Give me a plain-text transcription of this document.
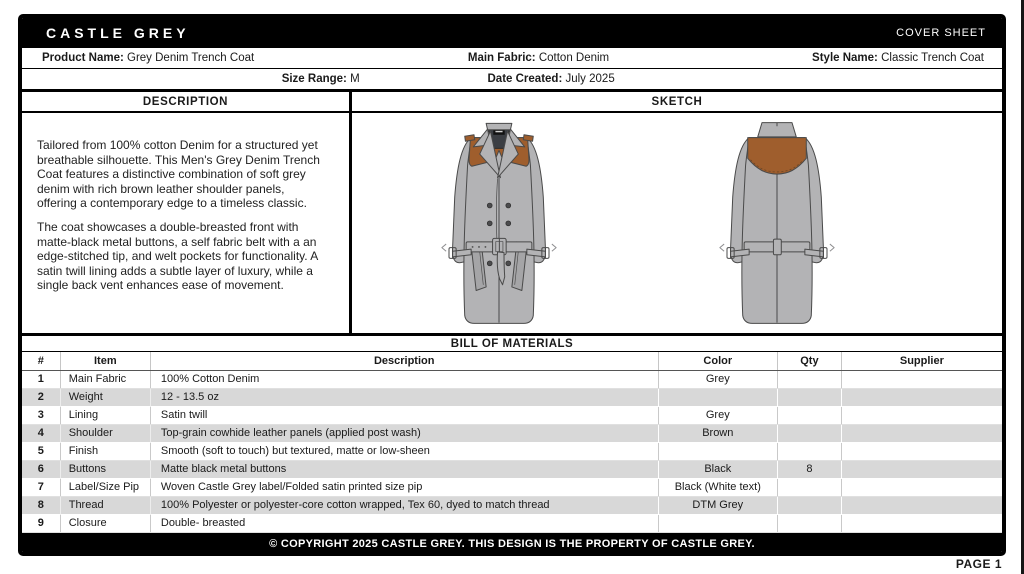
CASTLE GREY	COVER SHEET
Product Name: Grey Denim Trench Coat	Main Fabric: Cotton Denim	Style Name: Classic Trench Coat
Size Range: M	Date Created: July 2025
DESCRIPTION

Tailored from 100% cotton Denim for a structured yet breathable silhouette. This Men's Grey Denim Trench Coat features a distinctive combination of soft grey denim with rich brown leather shoulder panels, offering a contemporary edge to a timeless classic.

The coat showcases a double-breasted front with matte-black metal buttons, a self fabric belt with a an edge-stitched tip, and welt pockets for functionality. A satin twill lining adds a subtle layer of luxury, while a single back vent enhances ease of movement.

SKETCH
BILL OF MATERIALS
#	Item	Description	Color	Qty	Supplier
1	Main Fabric	100% Cotton Denim	Grey		
2	Weight	12 - 13.5 oz			
3	Lining	Satin twill	Grey		
4	Shoulder	Top-grain cowhide leather panels (applied post wash)	Brown		
5	Finish	Smooth (soft to touch) but textured, matte or low-sheen			
6	Buttons	Matte black metal buttons	Black	8	
7	Label/Size Pip	Woven Castle Grey label/Folded satin printed size pip	Black (White text)		
8	Thread	100% Polyester or polyester-core cotton wrapped, Tex 60, dyed to match thread	DTM Grey		
9	Closure	Double- breasted			
© COPYRIGHT 2025 CASTLE GREY. THIS DESIGN IS THE PROPERTY OF CASTLE GREY.
PAGE 1
